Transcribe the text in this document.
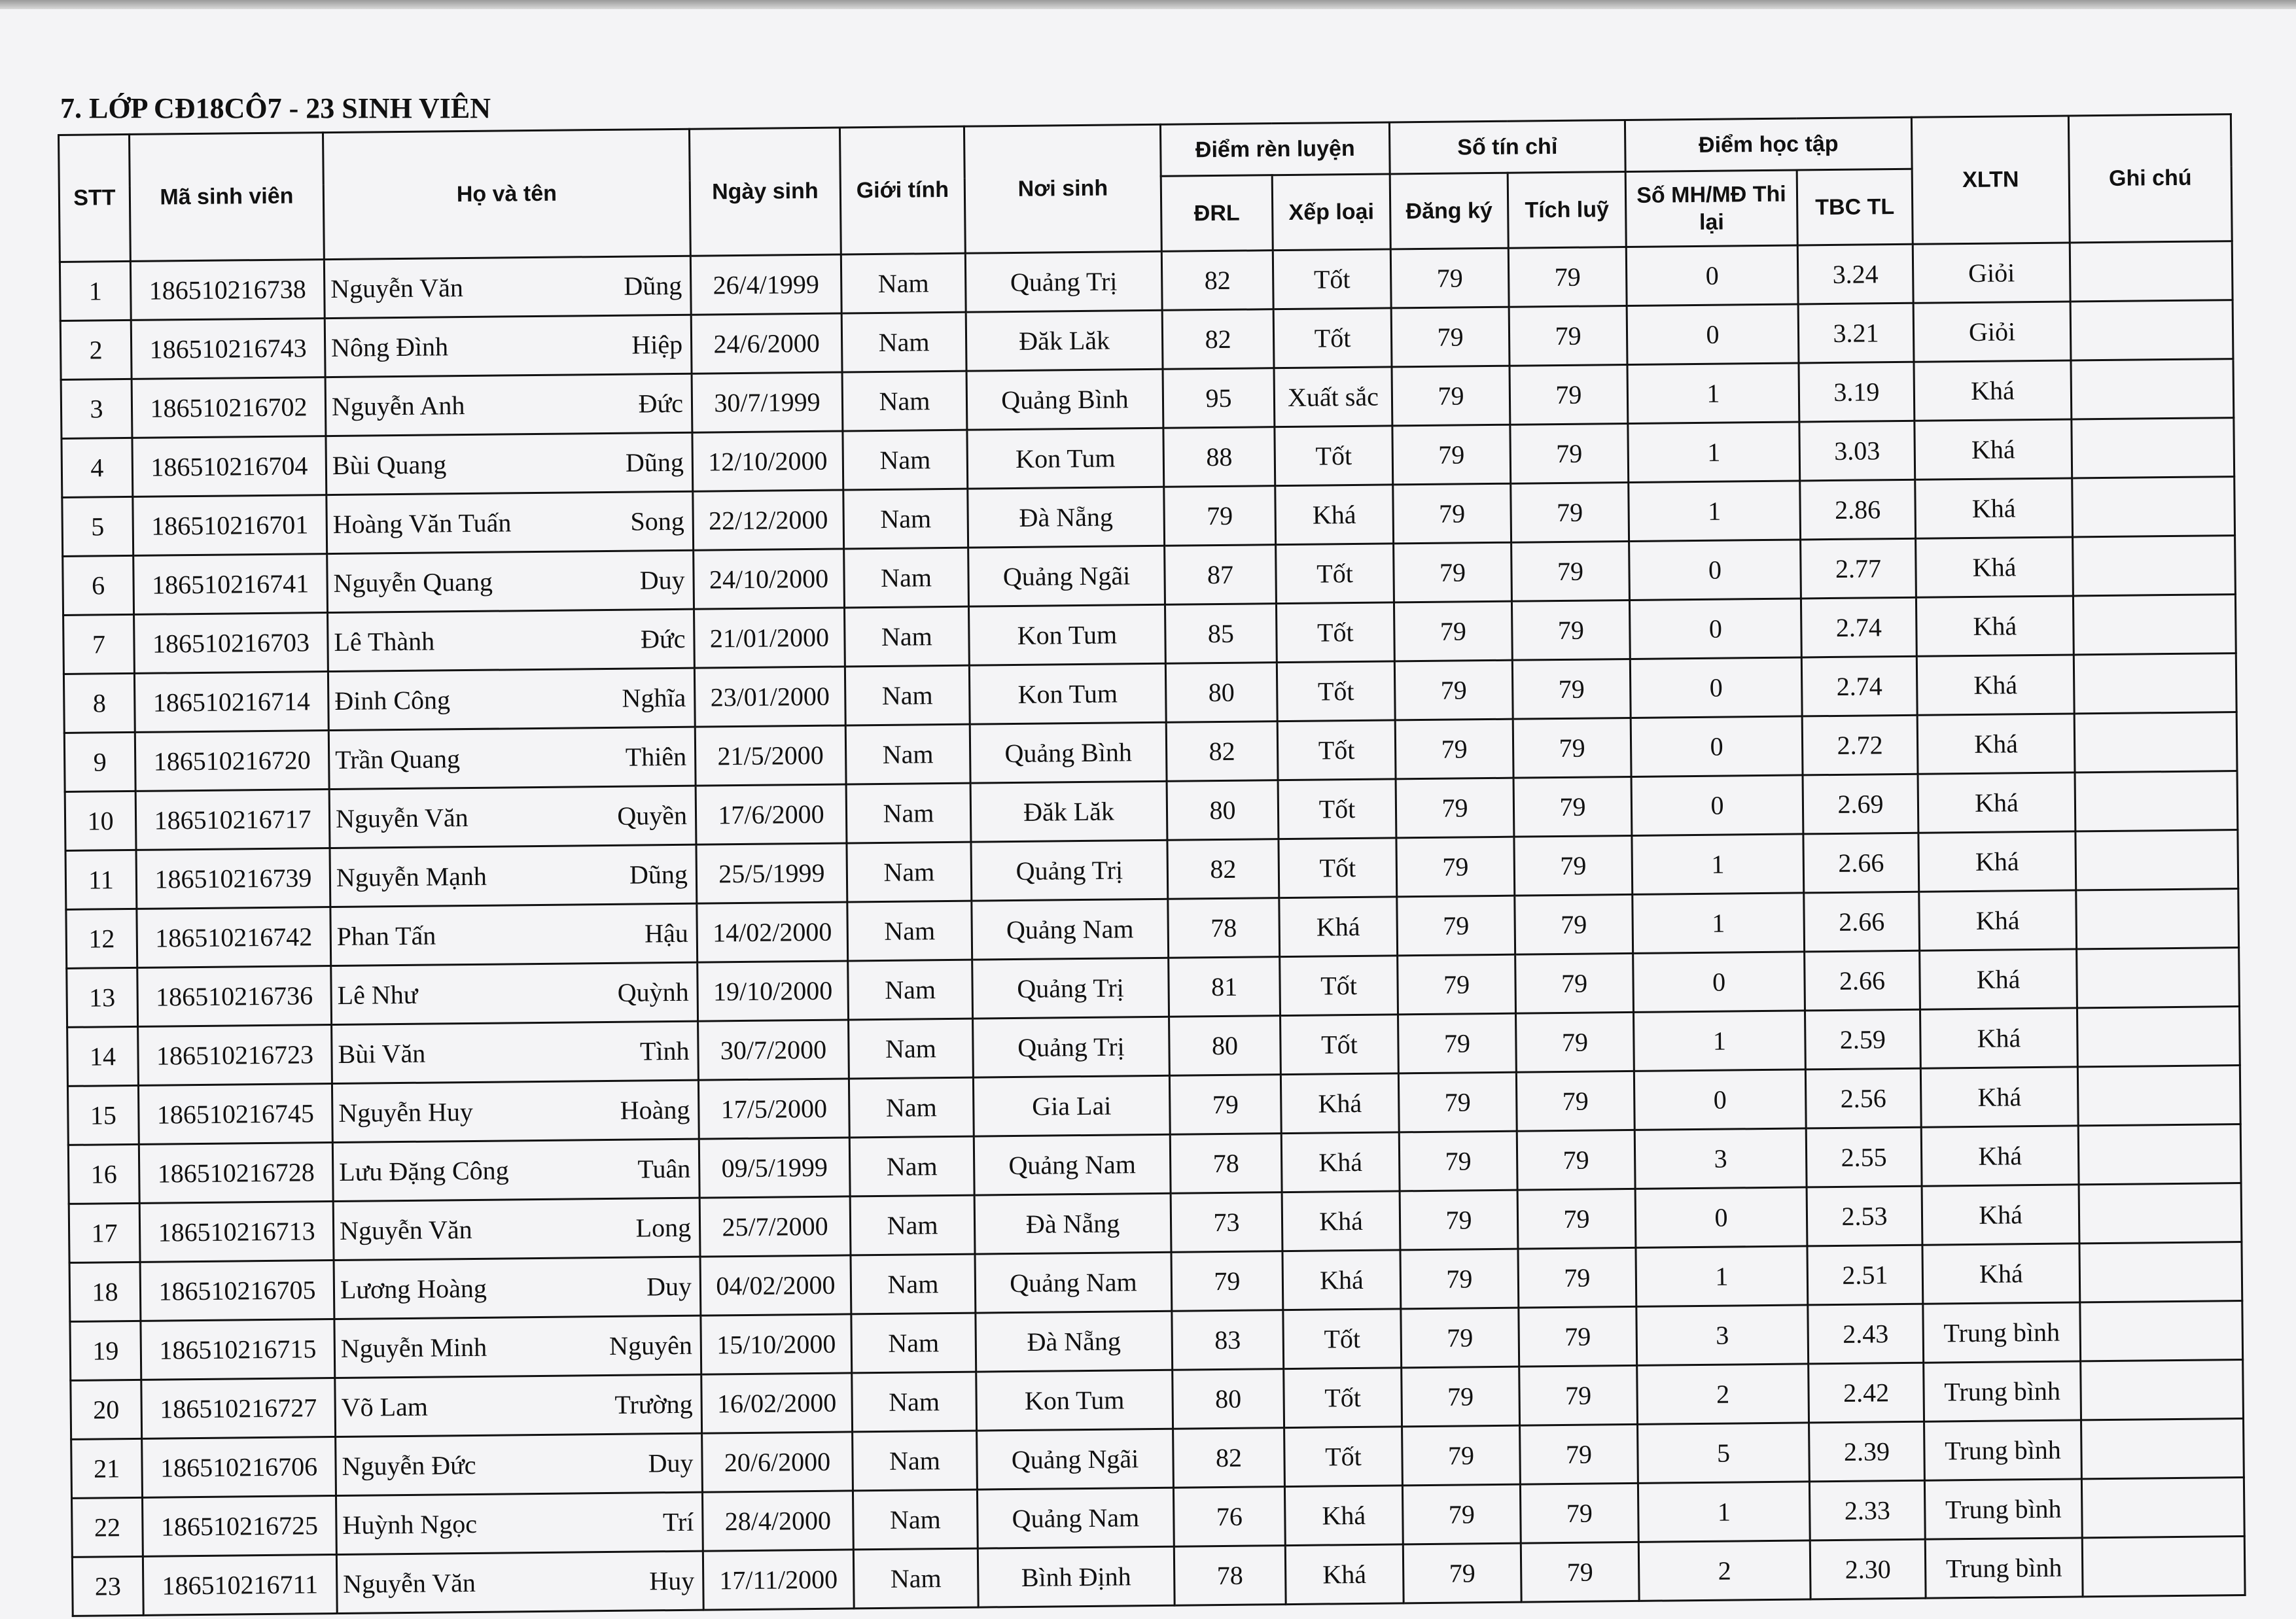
7. LỚP CĐ18CÔ7 - 23 SINH VIÊN
STT	Mã sinh viên	Họ và tên	Ngày sinh	Giới tính	Nơi sinh	Điểm rèn luyện		Số tín chỉ		Điểm học tập		XLTN	Ghi chú
						ĐRL	Xếp loại	Đăng ký	Tích luỹ	Số MH/MĐ Thi lại	TBC TL		
1	186510216738	Nguyễn Văn Dũng	26/4/1999	Nam	Quảng Trị	82	Tốt	79	79	0	3.24	Giỏi	
2	186510216743	Nông Đình Hiệp	24/6/2000	Nam	Đăk Lăk	82	Tốt	79	79	0	3.21	Giỏi	
3	186510216702	Nguyễn Anh Đức	30/7/1999	Nam	Quảng Bình	95	Xuất sắc	79	79	1	3.19	Khá	
4	186510216704	Bùi Quang Dũng	12/10/2000	Nam	Kon Tum	88	Tốt	79	79	1	3.03	Khá	
5	186510216701	Hoàng Văn Tuấn Song	22/12/2000	Nam	Đà Nẵng	79	Khá	79	79	1	2.86	Khá	
6	186510216741	Nguyễn Quang Duy	24/10/2000	Nam	Quảng Ngãi	87	Tốt	79	79	0	2.77	Khá	
7	186510216703	Lê Thành Đức	21/01/2000	Nam	Kon Tum	85	Tốt	79	79	0	2.74	Khá	
8	186510216714	Đinh Công Nghĩa	23/01/2000	Nam	Kon Tum	80	Tốt	79	79	0	2.74	Khá	
9	186510216720	Trần Quang Thiên	21/5/2000	Nam	Quảng Bình	82	Tốt	79	79	0	2.72	Khá	
10	186510216717	Nguyễn Văn Quyền	17/6/2000	Nam	Đăk Lăk	80	Tốt	79	79	0	2.69	Khá	
11	186510216739	Nguyễn Mạnh Dũng	25/5/1999	Nam	Quảng Trị	82	Tốt	79	79	1	2.66	Khá	
12	186510216742	Phan Tấn Hậu	14/02/2000	Nam	Quảng Nam	78	Khá	79	79	1	2.66	Khá	
13	186510216736	Lê Như Quỳnh	19/10/2000	Nam	Quảng Trị	81	Tốt	79	79	0	2.66	Khá	
14	186510216723	Bùi Văn Tình	30/7/2000	Nam	Quảng Trị	80	Tốt	79	79	1	2.59	Khá	
15	186510216745	Nguyễn Huy Hoàng	17/5/2000	Nam	Gia Lai	79	Khá	79	79	0	2.56	Khá	
16	186510216728	Lưu Đặng Công Tuân	09/5/1999	Nam	Quảng Nam	78	Khá	79	79	3	2.55	Khá	
17	186510216713	Nguyễn Văn Long	25/7/2000	Nam	Đà Nẵng	73	Khá	79	79	0	2.53	Khá	
18	186510216705	Lương Hoàng Duy	04/02/2000	Nam	Quảng Nam	79	Khá	79	79	1	2.51	Khá	
19	186510216715	Nguyễn Minh Nguyên	15/10/2000	Nam	Đà Nẵng	83	Tốt	79	79	3	2.43	Trung bình	
20	186510216727	Võ Lam Trường	16/02/2000	Nam	Kon Tum	80	Tốt	79	79	2	2.42	Trung bình	
21	186510216706	Nguyễn Đức Duy	20/6/2000	Nam	Quảng Ngãi	82	Tốt	79	79	5	2.39	Trung bình	
22	186510216725	Huỳnh Ngọc Trí	28/4/2000	Nam	Quảng Nam	76	Khá	79	79	1	2.33	Trung bình	
23	186510216711	Nguyễn Văn Huy	17/11/2000	Nam	Bình Định	78	Khá	79	79	2	2.30	Trung bình	
